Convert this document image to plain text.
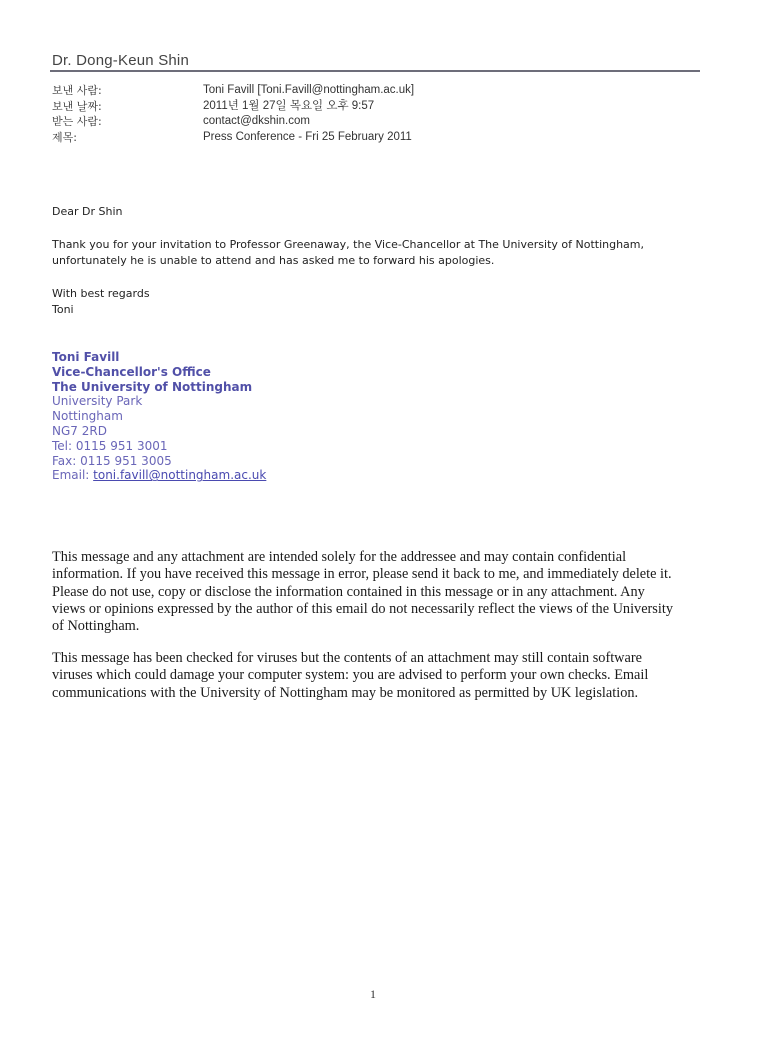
Dr. Dong-Keun Shin
보낸 사람:	Toni Favill [Toni.Favill@nottingham.ac.uk]
보낸 날짜:	2011년 1월 27일 목요일 오후 9:57
받는 사람:	contact@dkshin.com
제목:	Press Conference - Fri 25 February 2011
Dear Dr Shin
Thank you for your invitation to Professor Greenaway, the Vice-Chancellor at The University of Nottingham,
unfortunately he is unable to attend and has asked me to forward his apologies.
With best regards
Toni
Toni Favill
Vice-Chancellor's Office
The University of Nottingham
University Park
Nottingham
NG7 2RD
Tel: 0115 951 3001
Fax: 0115 951 3005
Email: toni.favill@nottingham.ac.uk
This message and any attachment are intended solely for the addressee and may contain confidential
information. If you have received this message in error, please send it back to me, and immediately delete it.
Please do not use, copy or disclose the information contained in this message or in any attachment. Any
views or opinions expressed by the author of this email do not necessarily reflect the views of the University
of Nottingham.
This message has been checked for viruses but the contents of an attachment may still contain software
viruses which could damage your computer system: you are advised to perform your own checks. Email
communications with the University of Nottingham may be monitored as permitted by UK legislation.
1
